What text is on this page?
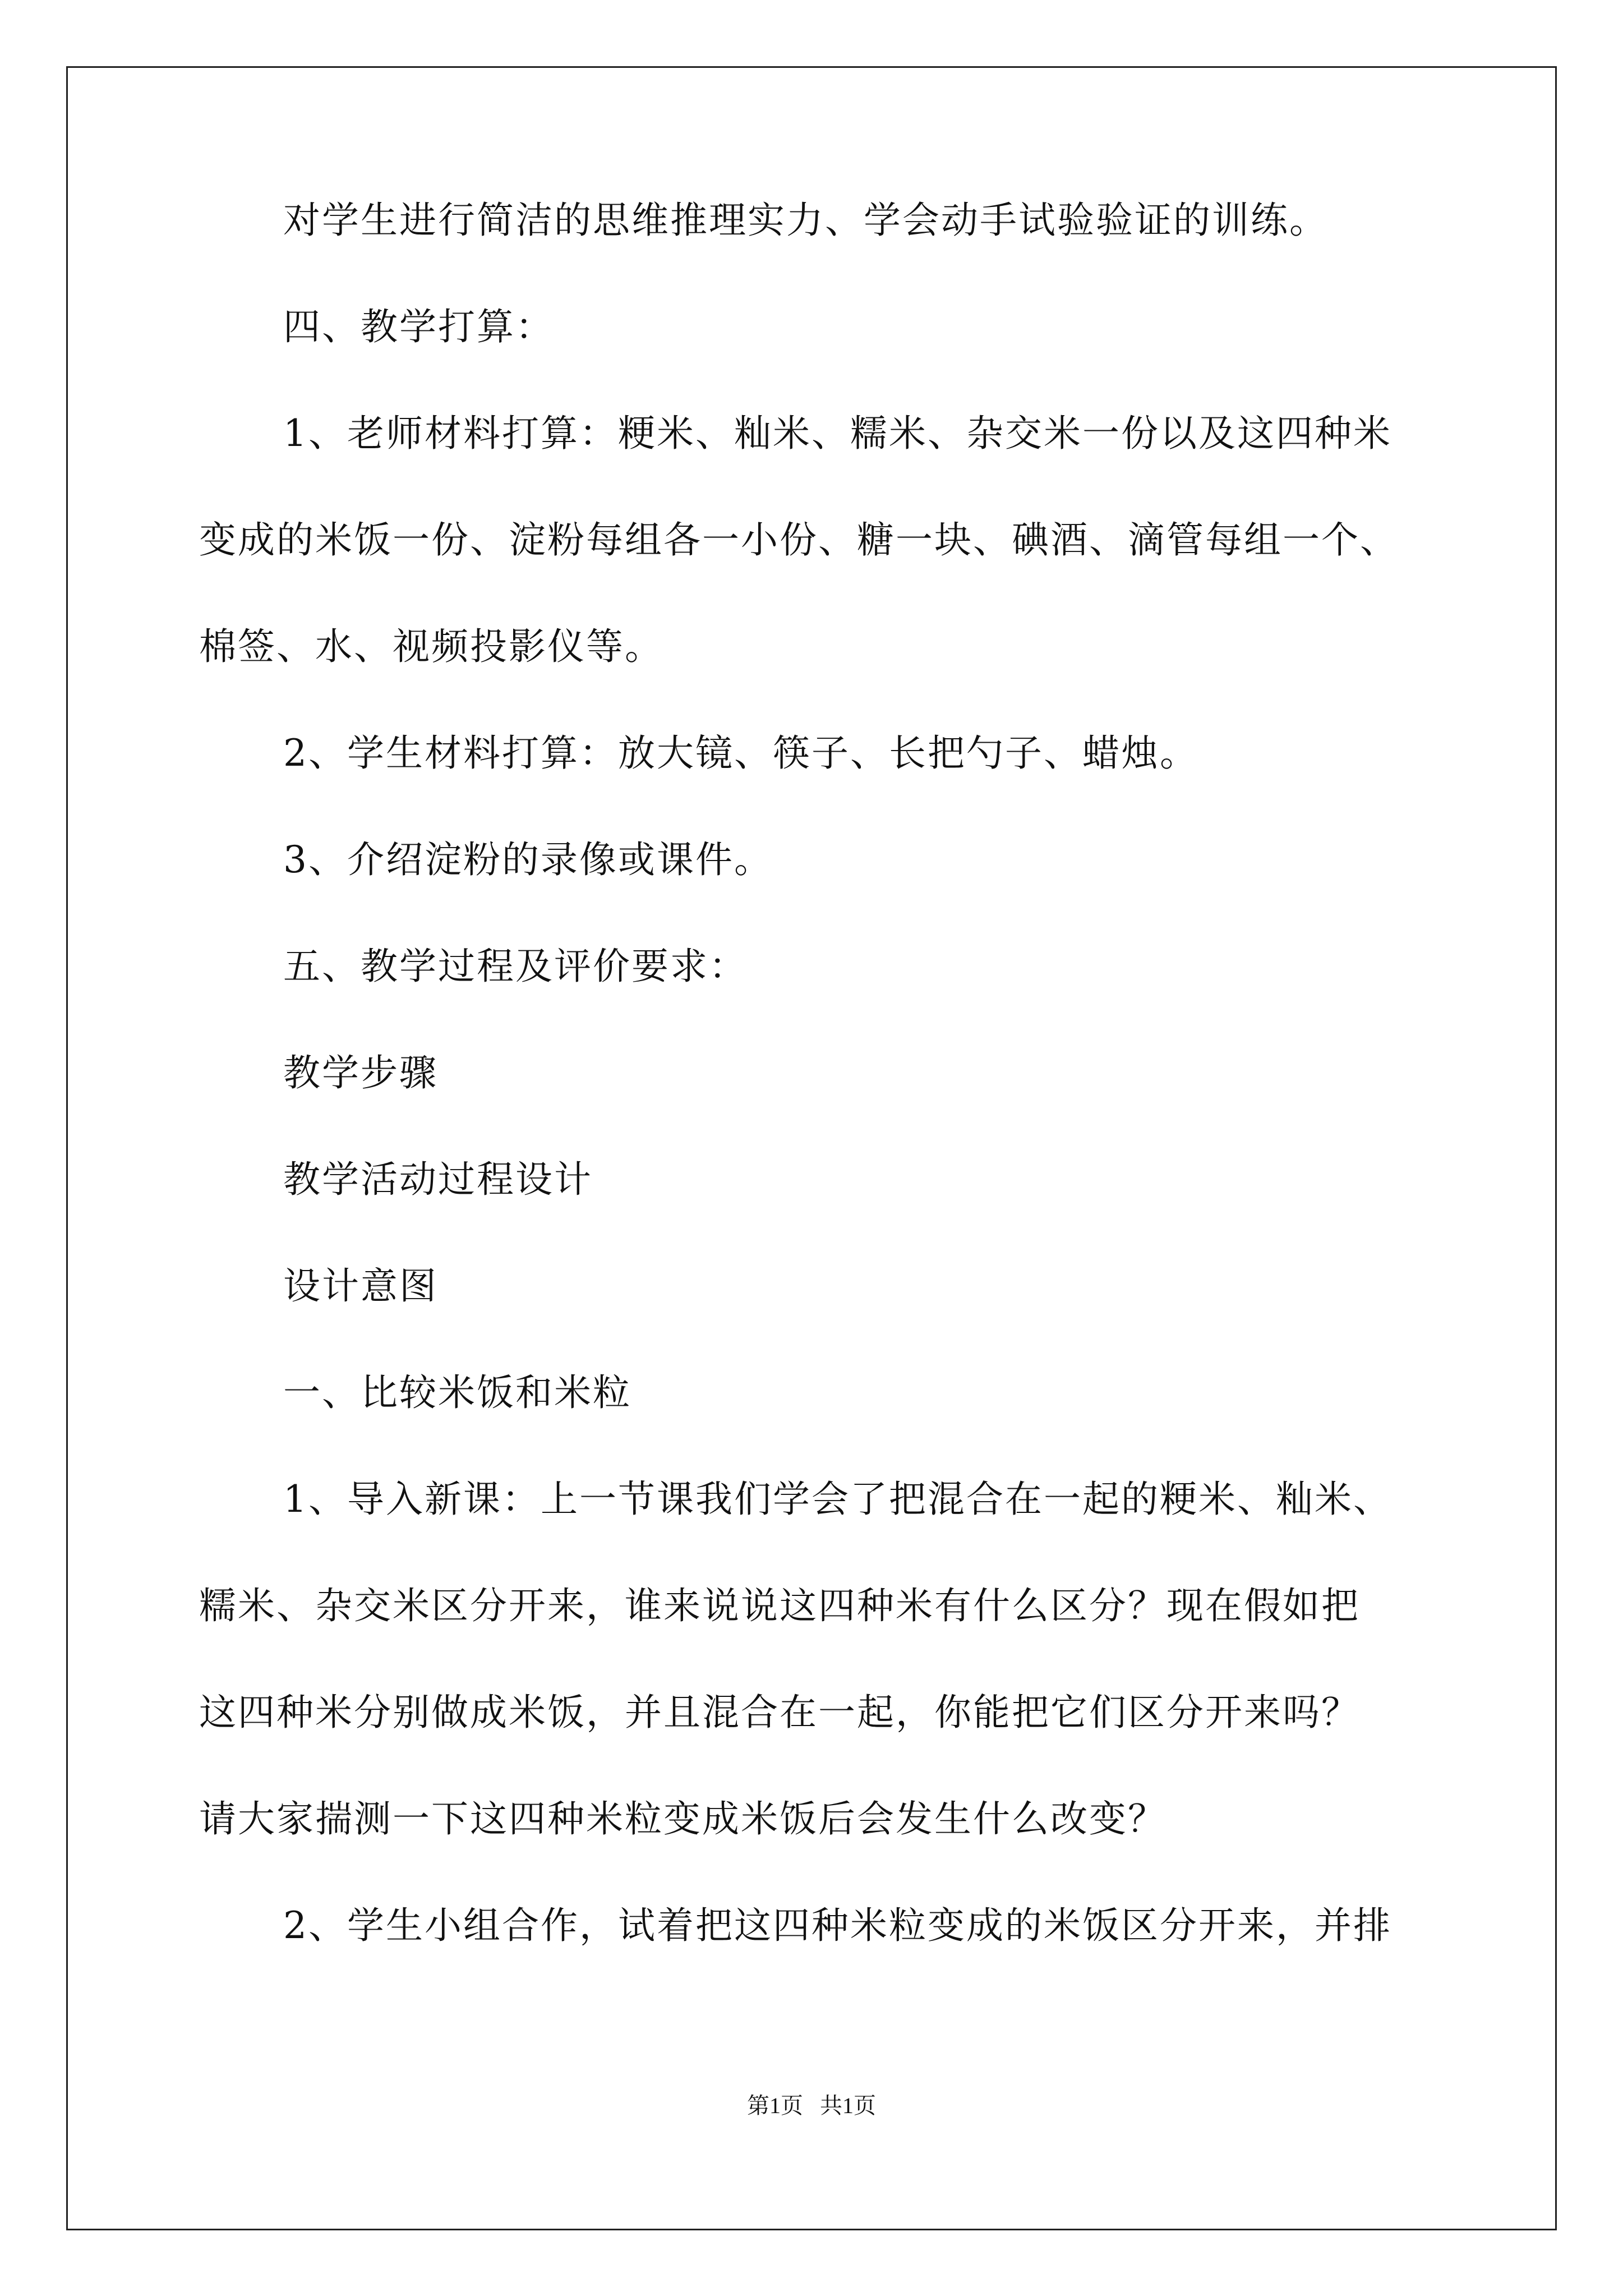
对学生进行简洁的思维推理实力、学会动手试验验证的训练。
四、教学打算：
1、老师材料打算：粳米、籼米、糯米、杂交米一份以及这四种米
变成的米饭一份、淀粉每组各一小份、糖一块、碘酒、滴管每组一个、
棉签、水、视频投影仪等。
2、学生材料打算：放大镜、筷子、长把勺子、蜡烛。
3、介绍淀粉的录像或课件。
五、教学过程及评价要求：
教学步骤
教学活动过程设计
设计意图
一、比较米饭和米粒
1、导入新课：上一节课我们学会了把混合在一起的粳米、籼米、
糯米、杂交米区分开来，谁来说说这四种米有什么区分？现在假如把
这四种米分别做成米饭，并且混合在一起，你能把它们区分开来吗？
请大家揣测一下这四种米粒变成米饭后会发生什么改变？
2、学生小组合作，试着把这四种米粒变成的米饭区分开来，并排
第1页 共1页
